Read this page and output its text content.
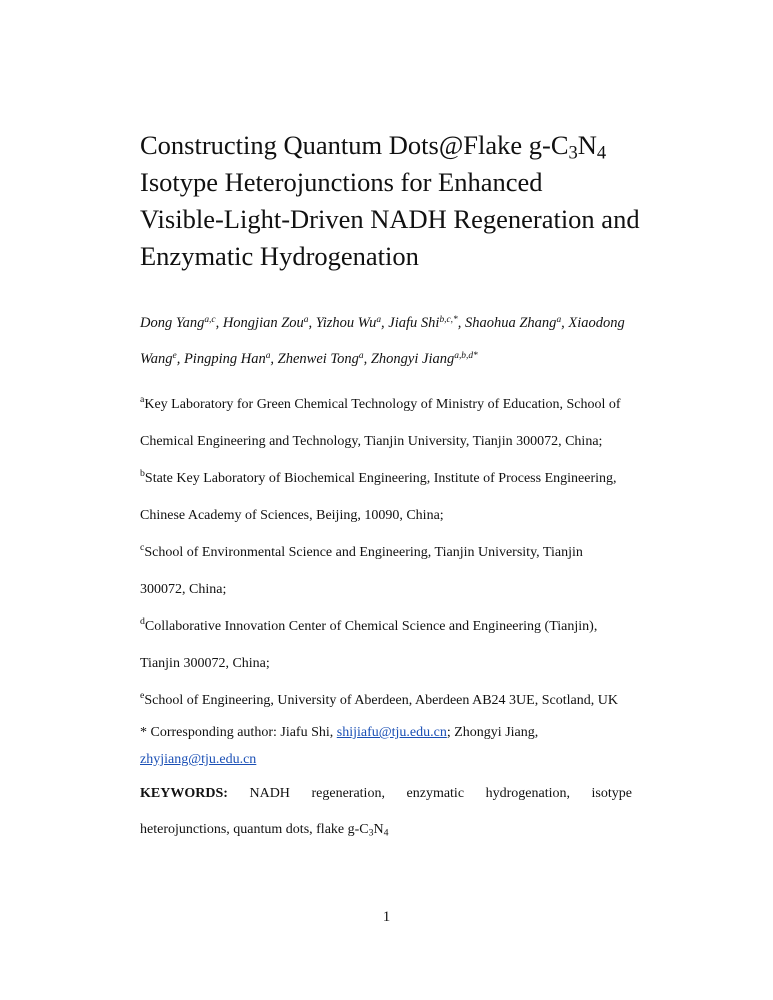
Constructing Quantum Dots@Flake $g-C_3N_4$
Isotype Heterojunctions for Enhanced
Visible-Light-Driven NADH Regeneration and
Enzymatic Hydrogenation
Dong Yang$^{a,c}$, Hongjian Zou$^a$, Yizhou Wu$^a$, Jiafu Shi$^{b,c,*}$, Shaohua Zhang$^a$, Xiaodong
Wang$^e$, Pingping Han$^a$, Zhenwei Tong$^a$, Zhongyi Jiang$^{a,b,d*}$
$^a$Key Laboratory for Green Chemical Technology of Ministry of Education, School of
Chemical Engineering and Technology, Tianjin University, Tianjin 300072, China;
$^b$State Key Laboratory of Biochemical Engineering, Institute of Process Engineering,
Chinese Academy of Sciences, Beijing, 10090, China;
$^c$School of Environmental Science and Engineering, Tianjin University, Tianjin
300072, China;
$^d$Collaborative Innovation Center of Chemical Science and Engineering (Tianjin),
Tianjin 300072, China;
$^e$School of Engineering, University of Aberdeen, Aberdeen AB24 3UE, Scotland, UK
* Corresponding author: Jiafu Shi, shijiafu@tju.edu.cn; Zhongyi Jiang,
zhyjiang@tju.edu.cn
KEYWORDS: NADH regeneration, enzymatic hydrogenation, isotype
heterojunctions, quantum dots, flake $g-C_3N_4$
1
